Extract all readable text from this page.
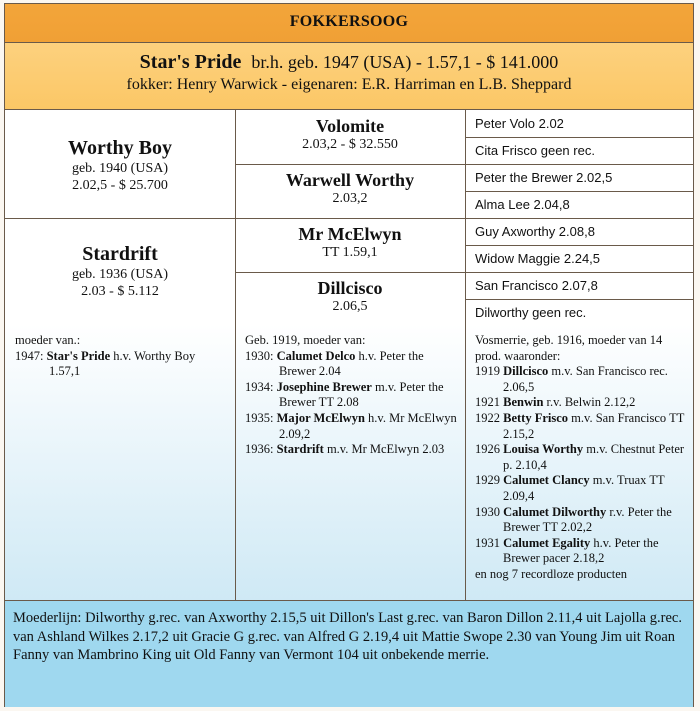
FOKKERSOOG
Star's Pride br.h. geb. 1947 (USA) - 1.57,1 - $ 141.000
fokker: Henry Warwick - eigenaren: E.R. Harriman en L.B. Sheppard
Worthy Boy
geb. 1940 (USA)
2.02,5 - $ 25.700
Stardrift
geb. 1936 (USA)
2.03 - $ 5.112
Volomite
2.03,2 - $ 32.550
Warwell Worthy
2.03,2
Mr McElwyn
TT 1.59,1
Dillcisco
2.06,5
Peter Volo 2.02
Cita Frisco geen rec.
Peter the Brewer 2.02,5
Alma Lee 2.04,8
Guy Axworthy 2.08,8
Widow Maggie 2.24,5
San Francisco 2.07,8
Dilworthy geen rec.

moeder van.:

1947: Star's Pride h.v. Worthy Boy 1.57,1

Geb. 1919, moeder van:

1930: Calumet Delco h.v. Peter the Brewer 2.04

1934: Josephine Brewer m.v. Peter the Brewer TT 2.08

1935: Major McElwyn h.v. Mr McElwyn 2.09,2

1936: Stardrift m.v. Mr McElwyn 2.03

Vosmerrie, geb. 1916, moeder van 14 prod. waaronder:

1919 Dillcisco m.v. San Francisco rec. 2.06,5

1921 Benwin r.v. Belwin 2.12,2

1922 Betty Frisco m.v. San Francisco TT 2.15,2

1926 Louisa Worthy m.v. Chestnut Peter p. 2.10,4

1929 Calumet Clancy m.v. Truax TT 2.09,4

1930 Calumet Dilworthy r.v. Peter the Brewer TT 2.02,2

1931 Calumet Egality h.v. Peter the Brewer pacer 2.18,2

en nog 7 recordloze producten

Moederlijn: Dilworthy g.rec. van Axworthy 2.15,5 uit Dillon's Last g.rec. van Baron Dillon 2.11,4 uit Lajolla g.rec. van Ashland Wilkes 2.17,2 uit Gracie G g.rec. van Alfred G 2.19,4 uit Mattie Swope 2.30 van Young Jim uit Roan Fanny van Mambrino King uit Old Fanny van Vermont 104 uit onbekende merrie.
